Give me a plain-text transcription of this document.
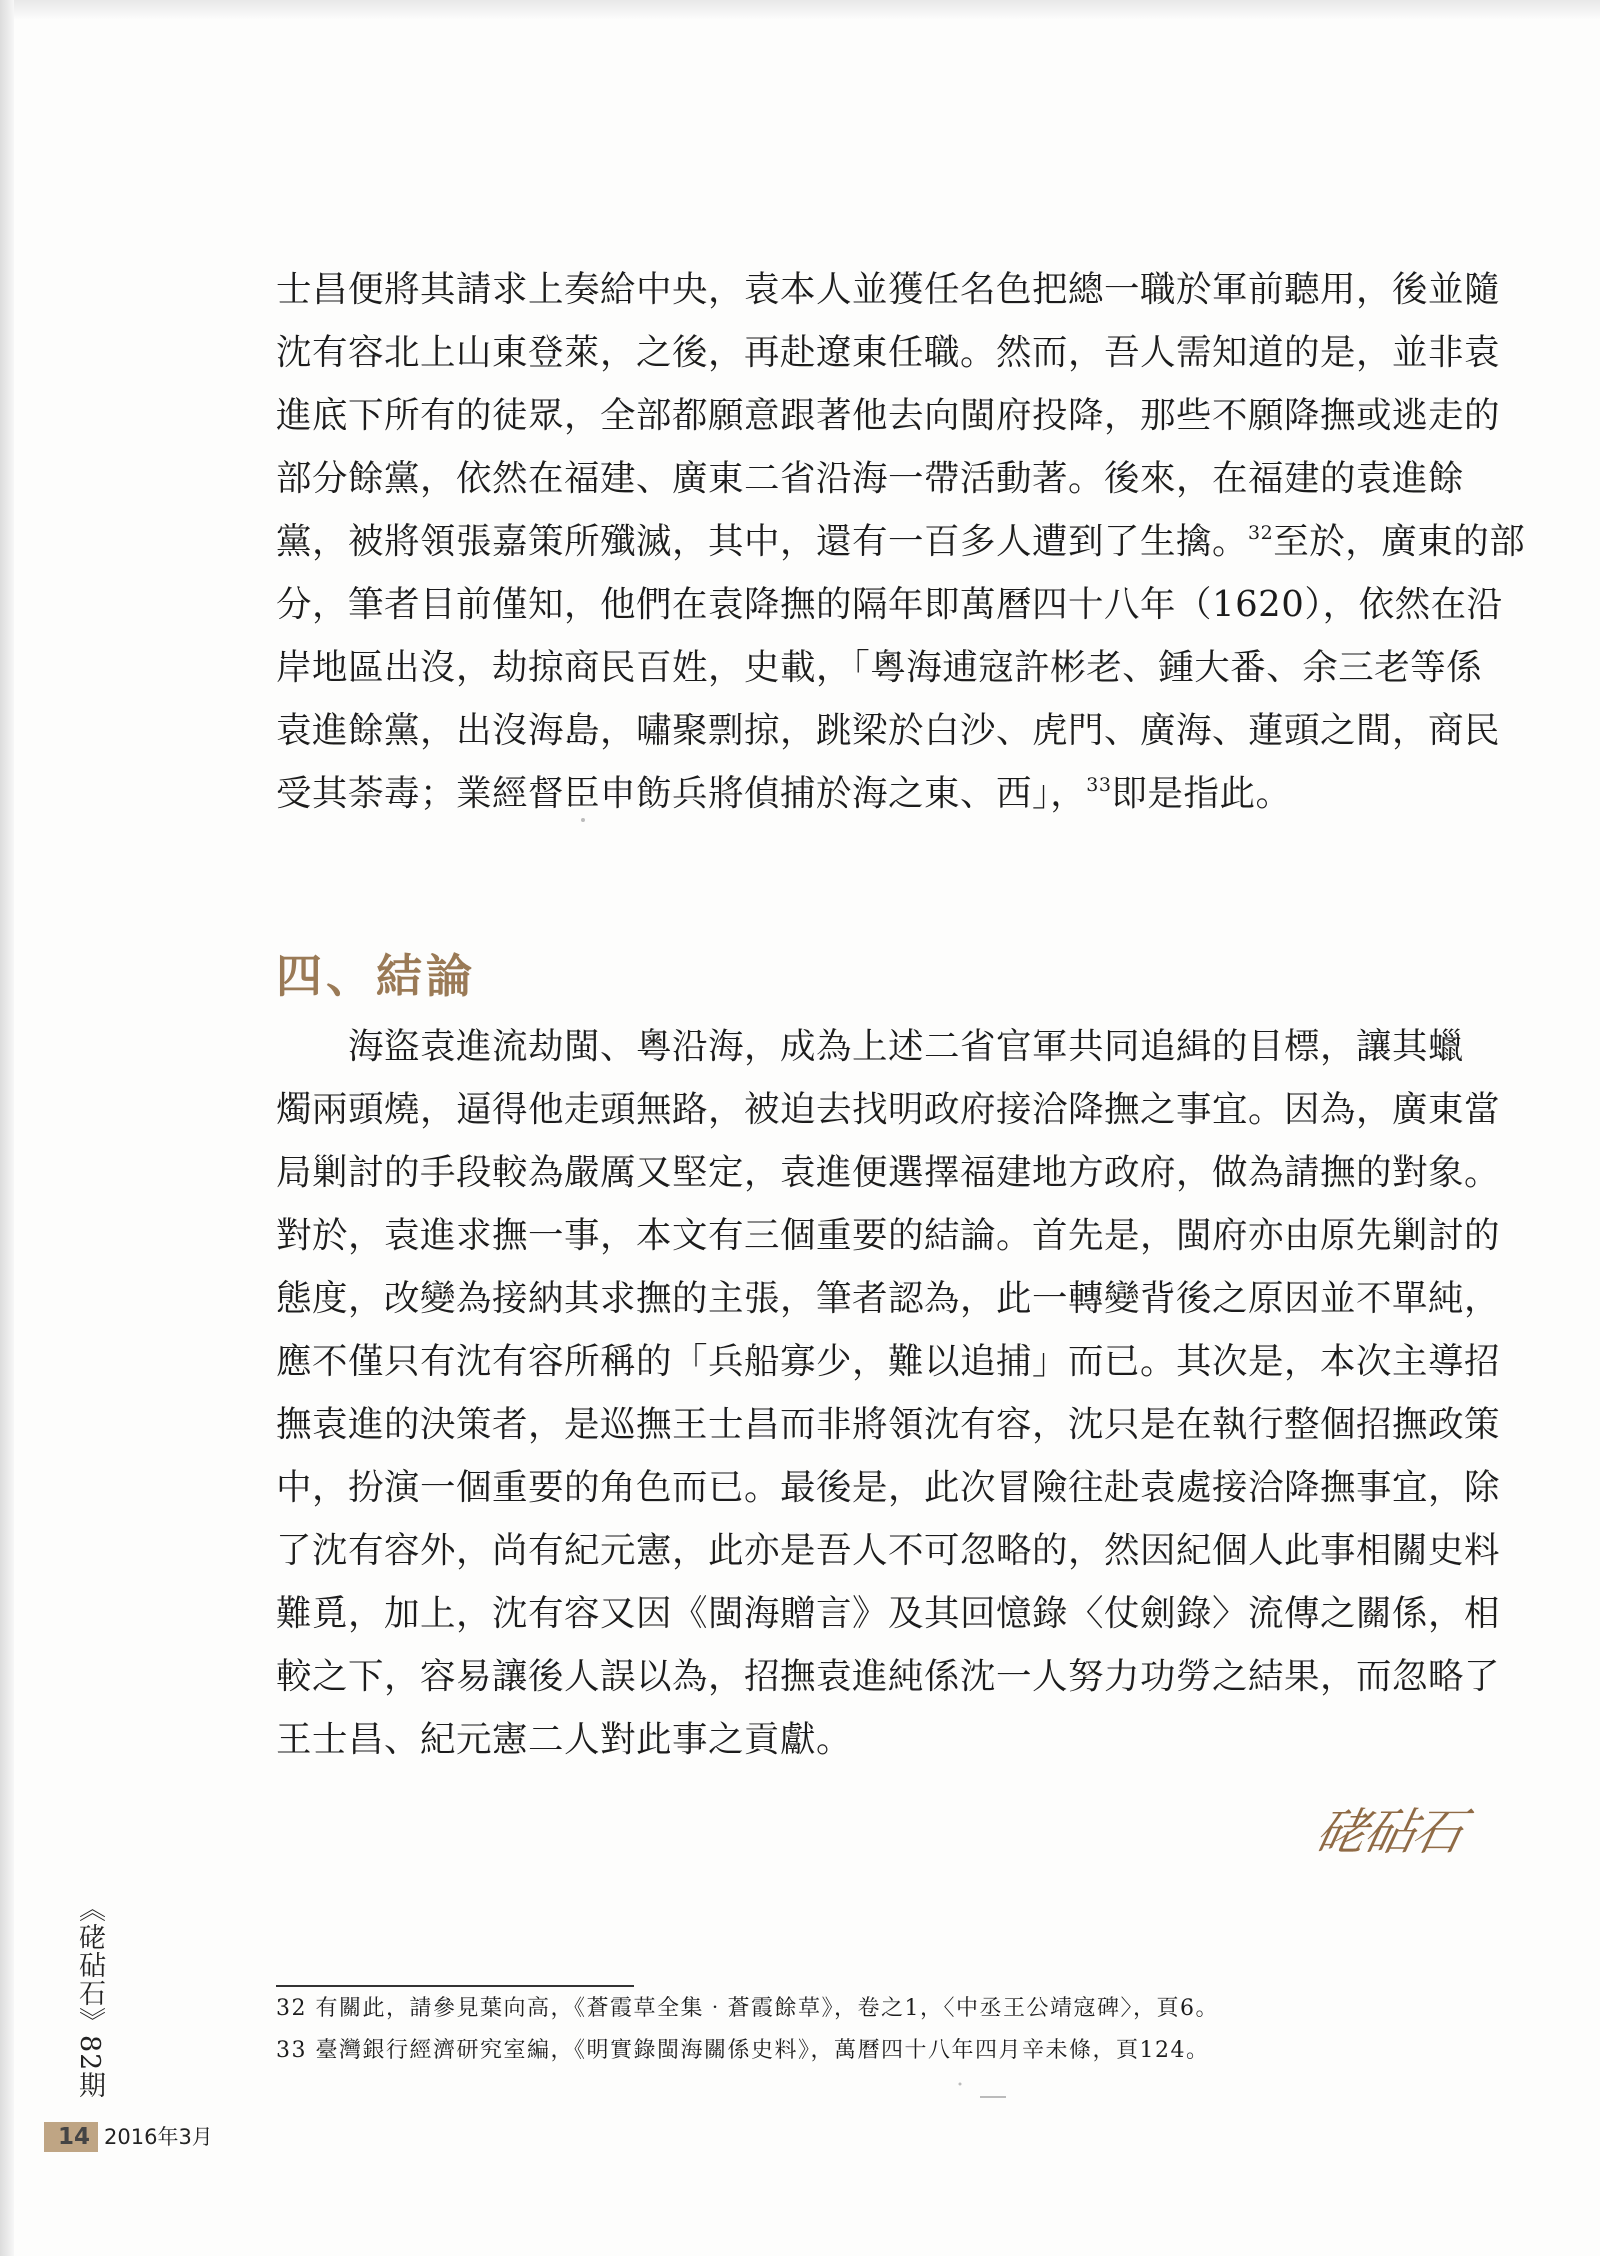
士昌便將其請求上奏給中央，袁本人並獲任名色把總一職於軍前聽用，後並隨
沈有容北上山東登萊，之後，再赴遼東任職。然而，吾人需知道的是，並非袁
進底下所有的徒眾，全部都願意跟著他去向閩府投降，那些不願降撫或逃走的
部分餘黨，依然在福建、廣東二省沿海一帶活動著。後來，在福建的袁進餘
黨，被將領張嘉策所殲滅，其中，還有一百多人遭到了生擒。$^{32}$至於，廣東的部
分，筆者目前僅知，他們在袁降撫的隔年即萬曆四十八年（1620），依然在沿
岸地區出沒，劫掠商民百姓，史載，「粵海逋寇許彬老、鍾大番、余三老等係
袁進餘黨，出沒海島，嘯聚剽掠，跳梁於白沙、虎門、廣海、蓮頭之間，商民
受其荼毒；業經督臣申飭兵將偵捕於海之東、西」，$^{33}$即是指此。
四、結論
海盜袁進流劫閩、粵沿海，成為上述二省官軍共同追緝的目標，讓其蠟
燭兩頭燒，逼得他走頭無路，被迫去找明政府接洽降撫之事宜。因為，廣東當
局剿討的手段較為嚴厲又堅定，袁進便選擇福建地方政府，做為請撫的對象。
對於，袁進求撫一事，本文有三個重要的結論。首先是，閩府亦由原先剿討的
態度，改變為接納其求撫的主張，筆者認為，此一轉變背後之原因並不單純，
應不僅只有沈有容所稱的「兵船寡少，難以追捕」而已。其次是，本次主導招
撫袁進的決策者，是巡撫王士昌而非將領沈有容，沈只是在執行整個招撫政策
中，扮演一個重要的角色而已。最後是，此次冒險往赴袁處接洽降撫事宜，除
了沈有容外，尚有紀元憲，此亦是吾人不可忽略的，然因紀個人此事相關史料
難覓，加上，沈有容又因《閩海贈言》及其回憶錄〈仗劍錄〉流傳之關係，相
較之下，容易讓後人誤以為，招撫袁進純係沈一人努力功勞之結果，而忽略了
王士昌、紀元憲二人對此事之貢獻。
硓砧石
32 有關此，請參見葉向高，《蒼霞草全集‧蒼霞餘草》，卷之1，〈中丞王公靖寇碑〉，頁6。
33 臺灣銀行經濟研究室編，《明實錄閩海關係史料》，萬曆四十八年四月辛未條，頁124。
《硓砧石》82期
14 2016年3月
